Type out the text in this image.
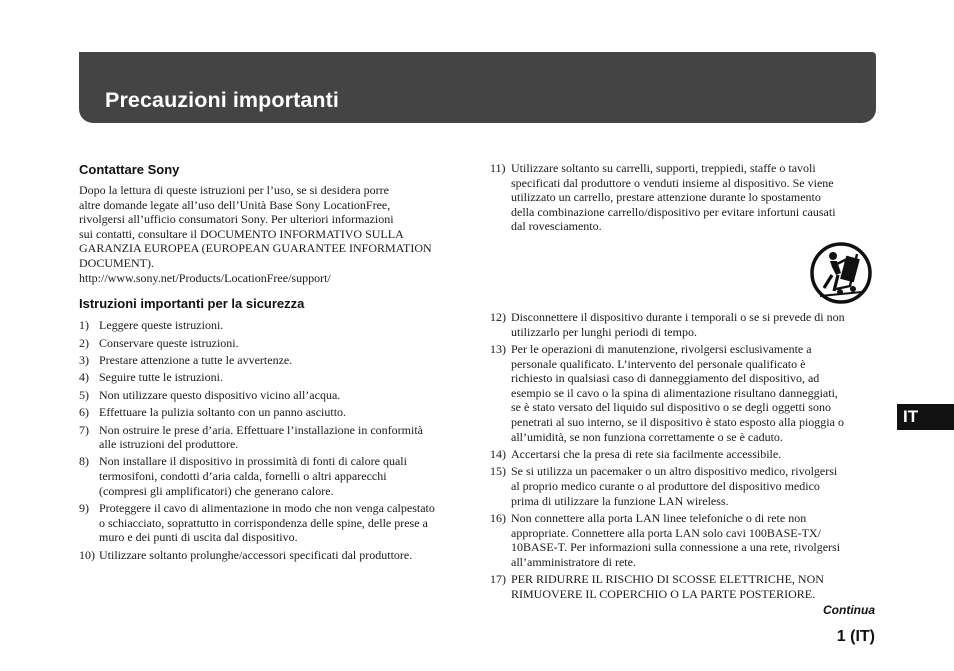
Precauzioni importanti
Contattare Sony
Dopo la lettura di queste istruzioni per l’uso, se si desidera porre
altre domande legate all’uso dell’Unità Base Sony LocationFree,
rivolgersi all’ufficio consumatori Sony. Per ulteriori informazioni
sui contatti, consultare il DOCUMENTO INFORMATIVO SULLA
GARANZIA EUROPEA (EUROPEAN GUARANTEE INFORMATION
DOCUMENT).
http://www.sony.net/Products/LocationFree/support/
Istruzioni importanti per la sicurezza
1) Leggere queste istruzioni.
2) Conservare queste istruzioni.
3) Prestare attenzione a tutte le avvertenze.
4) Seguire tutte le istruzioni.
5) Non utilizzare questo dispositivo vicino all’acqua.
6) Effettuare la pulizia soltanto con un panno asciutto.
7) Non ostruire le prese d’aria. Effettuare l’installazione in conformità
alle istruzioni del produttore.
8) Non installare il dispositivo in prossimità di fonti di calore quali
termosifoni, condotti d’aria calda, fornelli o altri apparecchi
(compresi gli amplificatori) che generano calore.
9) Proteggere il cavo di alimentazione in modo che non venga calpestato
o schiacciato, soprattutto in corrispondenza delle spine, delle prese a
muro e dei punti di uscita dal dispositivo.
10) Utilizzare soltanto prolunghe/accessori specificati dal produttore.
11) Utilizzare soltanto su carrelli, supporti, treppiedi, staffe o tavoli
specificati dal produttore o venduti insieme al dispositivo. Se viene
utilizzato un carrello, prestare attenzione durante lo spostamento
della combinazione carrello/dispositivo per evitare infortuni causati
dal rovesciamento.
12) Disconnettere il dispositivo durante i temporali o se si prevede di non
utilizzarlo per lunghi periodi di tempo.
13) Per le operazioni di manutenzione, rivolgersi esclusivamente a
personale qualificato. L’intervento del personale qualificato è
richiesto in qualsiasi caso di danneggiamento del dispositivo, ad
esempio se il cavo o la spina di alimentazione risultano danneggiati,
se è stato versato del liquido sul dispositivo o se degli oggetti sono
penetrati al suo interno, se il dispositivo è stato esposto alla pioggia o
all’umidità, se non funziona correttamente o se è caduto.
14) Accertarsi che la presa di rete sia facilmente accessibile.
15) Se si utilizza un pacemaker o un altro dispositivo medico, rivolgersi
al proprio medico curante o al produttore del dispositivo medico
prima di utilizzare la funzione LAN wireless.
16) Non connettere alla porta LAN linee telefoniche o di rete non
appropriate. Connettere alla porta LAN solo cavi 100BASE-TX/
10BASE-T. Per informazioni sulla connessione a una rete, rivolgersi
all’amministratore di rete.
17) PER RIDURRE IL RISCHIO DI SCOSSE ELETTRICHE, NON
RIMUOVERE IL COPERCHIO O LA PARTE POSTERIORE.
IT
Continua
1 (IT)
